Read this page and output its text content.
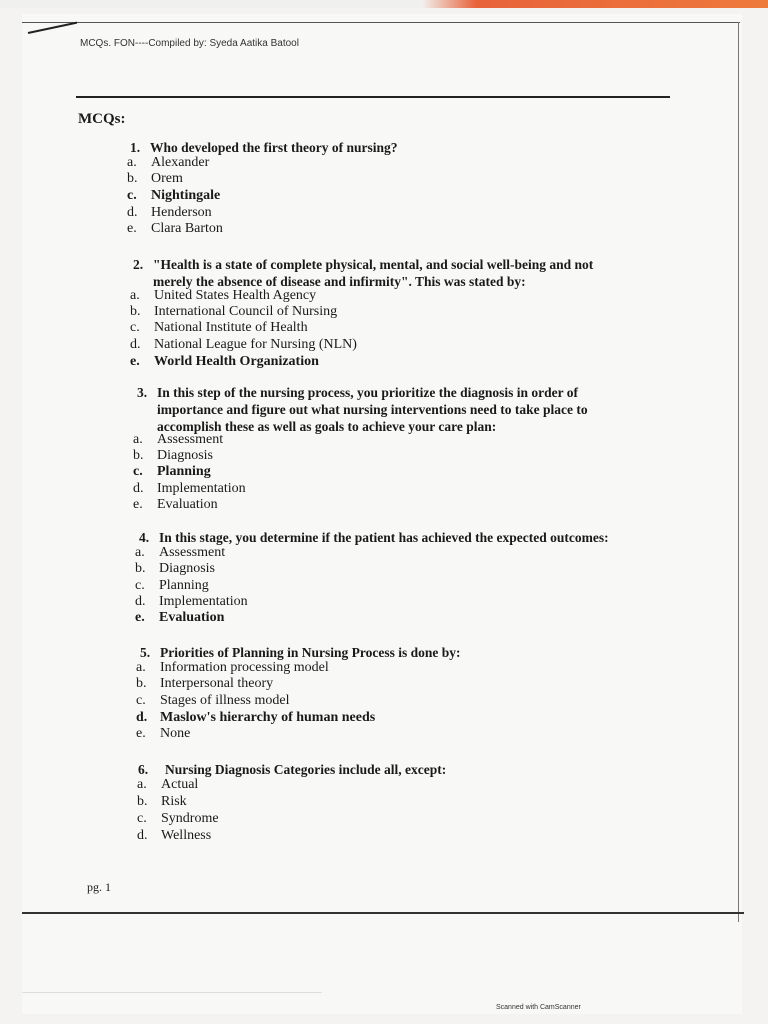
MCQs. FON----Compiled by: Syeda Aatika Batool
MCQs:
1. Who developed the first theory of nursing?
a. Alexander
b. Orem
c. Nightingale
d. Henderson
e. Clara Barton
2. "Health is a state of complete physical, mental, and social well-being and not
merely the absence of disease and infirmity". This was stated by:
a. United States Health Agency
b. International Council of Nursing
c. National Institute of Health
d. National League for Nursing (NLN)
e. World Health Organization
3. In this step of the nursing process, you prioritize the diagnosis in order of
importance and figure out what nursing interventions need to take place to
accomplish these as well as goals to achieve your care plan:
a. Assessment
b. Diagnosis
c. Planning
d. Implementation
e. Evaluation
4. In this stage, you determine if the patient has achieved the expected outcomes:
a. Assessment
b. Diagnosis
c. Planning
d. Implementation
e. Evaluation
5. Priorities of Planning in Nursing Process is done by:
a. Information processing model
b. Interpersonal theory
c. Stages of illness model
d. Maslow's hierarchy of human needs
e. None
6. Nursing Diagnosis Categories include all, except:
a. Actual
b. Risk
c. Syndrome
d. Wellness
pg. 1
Scanned with CamScanner
